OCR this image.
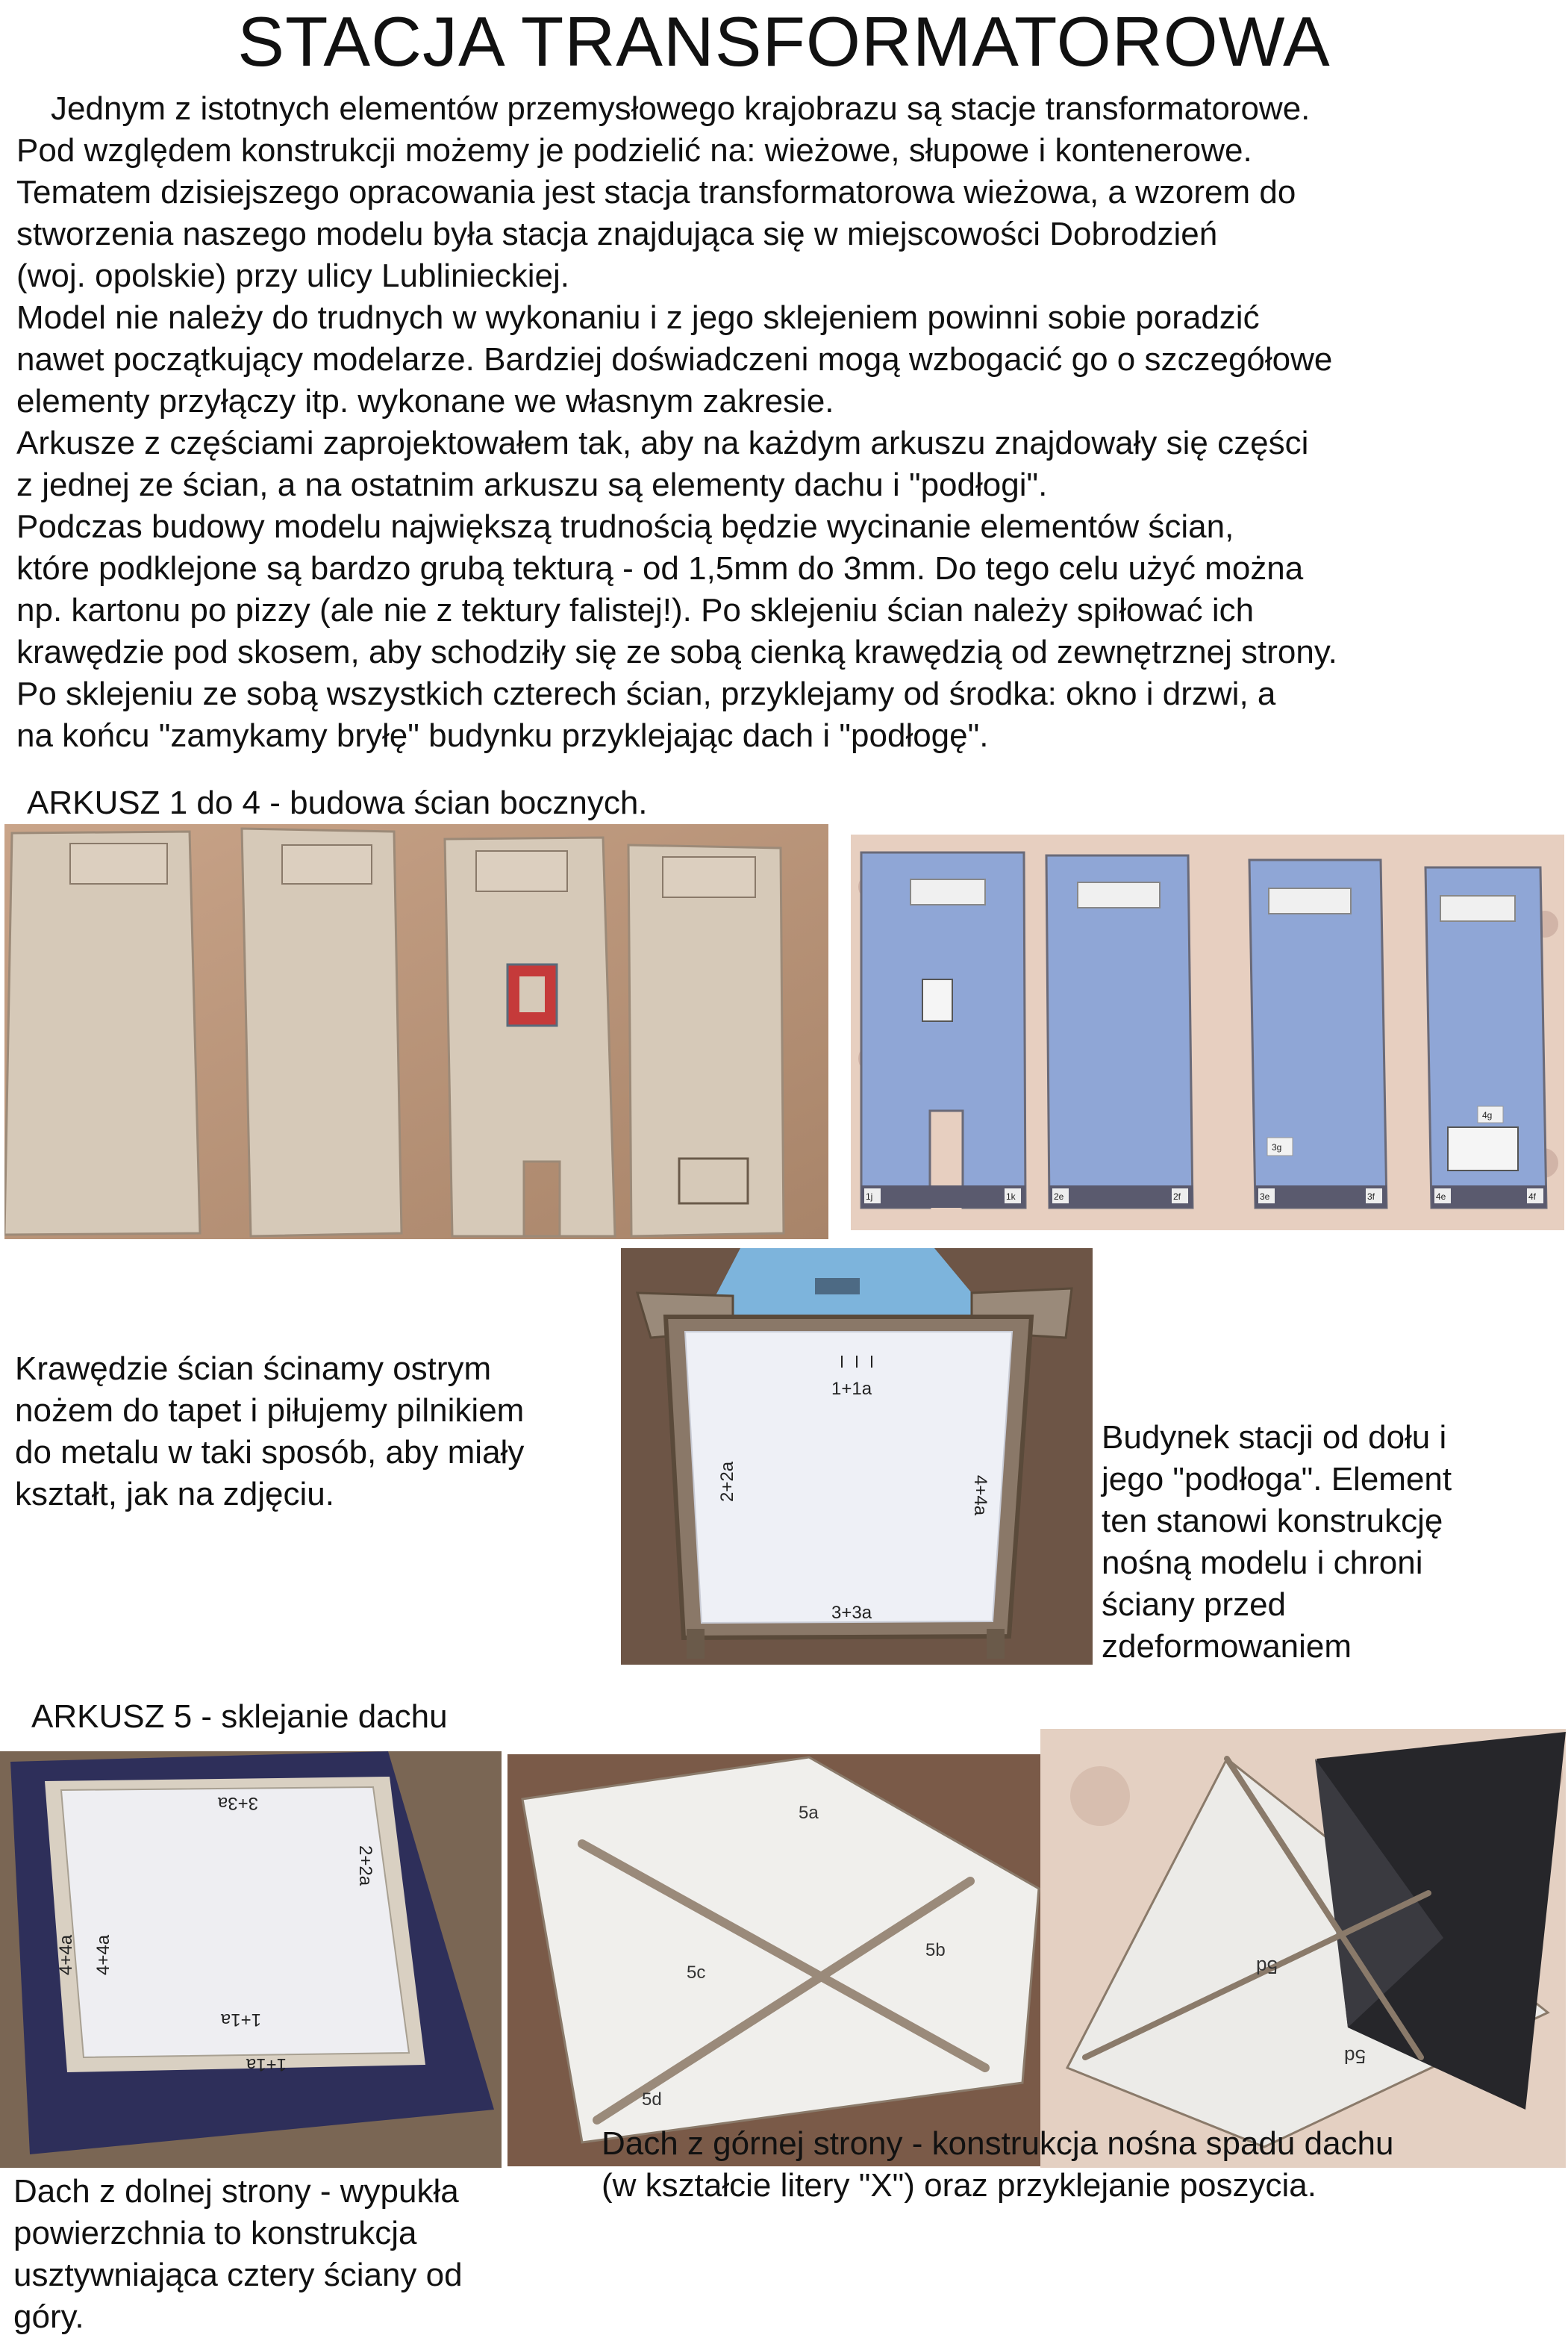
STACJA TRANSFORMATOROWA

Jednym z istotnych elementów przemysłowego krajobrazu są stacje transformatorowe.

Pod względem konstrukcji możemy je podzielić na: wieżowe, słupowe i kontenerowe.

Tematem dzisiejszego opracowania jest stacja transformatorowa wieżowa, a wzorem do

stworzenia naszego modelu była stacja znajdująca się w miejscowości Dobrodzień

(woj. opolskie) przy ulicy Lublinieckiej.

Model nie należy do trudnych w wykonaniu i z jego sklejeniem powinni sobie poradzić

nawet początkujący modelarze. Bardziej doświadczeni mogą wzbogacić go o szczegółowe

elementy przyłączy itp. wykonane we własnym zakresie.

Arkusze z częściami zaprojektowałem tak, aby na każdym arkuszu znajdowały się części

z jednej ze ścian, a na ostatnim arkuszu są elementy dachu i "podłogi".

Podczas budowy modelu największą trudnością będzie wycinanie elementów ścian,

które podklejone są bardzo grubą tekturą - od 1,5mm do 3mm. Do tego celu użyć można

np. kartonu po pizzy (ale nie z tektury falistej!). Po sklejeniu ścian należy spiłować ich

krawędzie pod skosem, aby schodziły się ze sobą cienką krawędzią od zewnętrznej strony.

Po sklejeniu ze sobą wszystkich czterech ścian, przyklejamy od środka: okno i drzwi, a

na końcu "zamykamy bryłę" budynku przyklejając dach i "podłogę".

ARKUSZ 1 do 4 - budowa ścian bocznych.
1j	1k	2e	2f	3e	3f	4e	4f
3g
4g
Krawędzie ścian ścinamy ostrym
nożem do tapet i piłujemy pilnikiem
do metalu w taki sposób, aby miały
kształt, jak na zdjęciu.
1+1a
3+3a
2+2a	4+4a
Budynek stacji od dołu i
jego "podłoga". Element
ten stanowi konstrukcję
nośną modelu i chroni
ściany przed
zdeformowaniem
ARKUSZ 5 - sklejanie dachu
3+3a
2+2a
1+1a
1+1a
4+4a
4+4a
5a
5b
5c
5d
5d
5d
Dach z górnej strony - konstrukcja nośna spadu dachu
(w kształcie litery "X") oraz przyklejanie poszycia.
Dach z dolnej strony - wypukła
powierzchnia to konstrukcja
usztywniająca cztery ściany od
góry.
